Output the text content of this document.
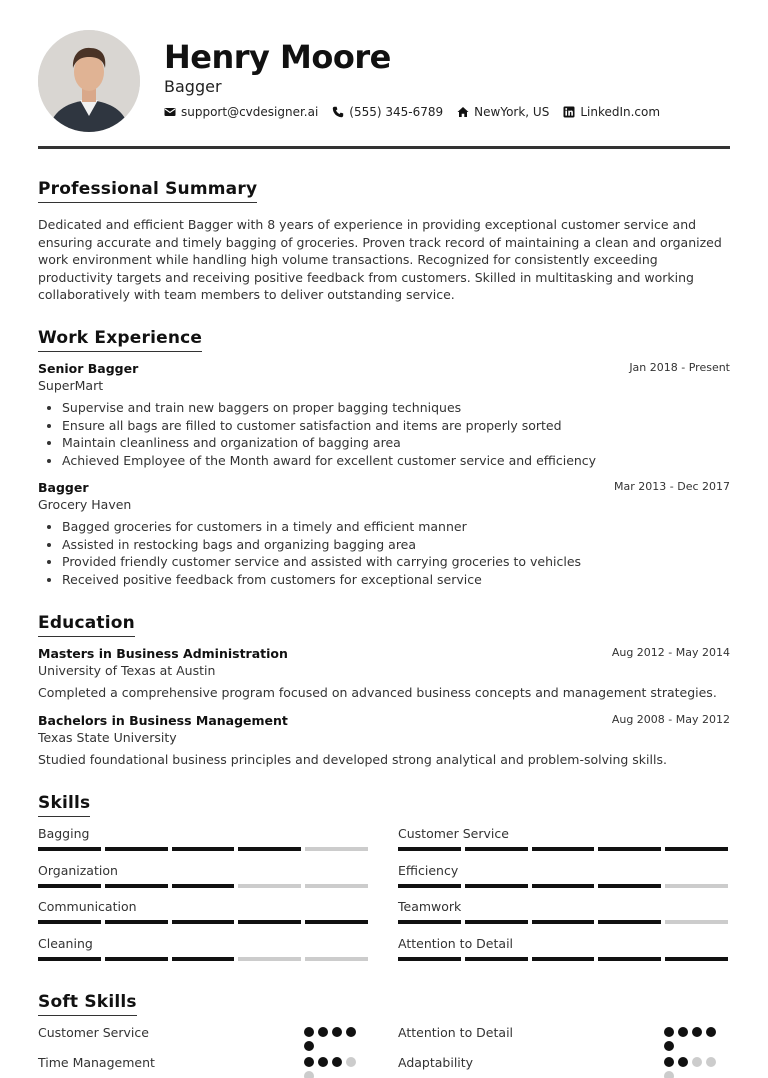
Henry Moore
Bagger
support@cvdesigner.ai	(555) 345-6789	NewYork, US	LinkedIn.com
Professional Summary

Dedicated and efficient Bagger with 8 years of experience in providing exceptional customer service and ensuring accurate and timely bagging of groceries. Proven track record of maintaining a clean and organized work environment while handling high volume transactions. Recognized for consistently exceeding productivity targets and receiving positive feedback from customers. Skilled in multitasking and working collaboratively with team members to deliver outstanding service.

Work Experience
Senior Bagger	Jan 2018 - Present
SuperMart
• Supervise and train new baggers on proper bagging techniques
• Ensure all bags are filled to customer satisfaction and items are properly sorted
• Maintain cleanliness and organization of bagging area
• Achieved Employee of the Month award for excellent customer service and efficiency
Bagger	Mar 2013 - Dec 2017
Grocery Haven
• Bagged groceries for customers in a timely and efficient manner
• Assisted in restocking bags and organizing bagging area
• Provided friendly customer service and assisted with carrying groceries to vehicles
• Received positive feedback from customers for exceptional service
Education
Masters in Business Administration	Aug 2012 - May 2014
University of Texas at Austin

Completed a comprehensive program focused on advanced business concepts and management strategies.

Bachelors in Business Management	Aug 2008 - May 2012
Texas State University

Studied foundational business principles and developed strong analytical and problem-solving skills.

Skills
Bagging	Customer Service
Organization	Efficiency
Communication	Teamwork
Cleaning	Attention to Detail
Soft Skills
Customer Service	Attention to Detail
Time Management	Adaptability
